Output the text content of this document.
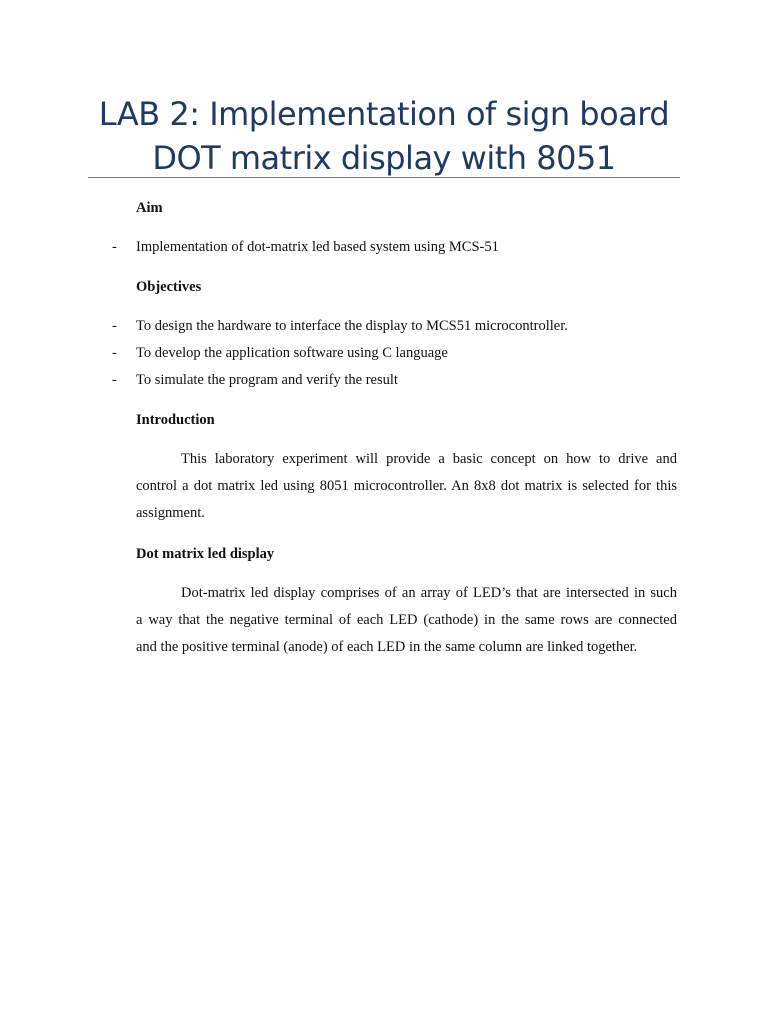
LAB 2: Implementation of sign board
DOT matrix display with 8051
Aim
- Implementation of dot-matrix led based system using MCS-51
Objectives
- To design the hardware to interface the display to MCS51 microcontroller.
- To develop the application software using C language
- To simulate the program and verify the result
Introduction
This laboratory experiment will provide a basic concept on how to drive and
control a dot matrix led using 8051 microcontroller. An 8x8 dot matrix is selected for this
assignment.
Dot matrix led display
Dot-matrix led display comprises of an array of LED’s that are intersected in such
a way that the negative terminal of each LED (cathode) in the same rows are connected
and the positive terminal (anode) of each LED in the same column are linked together.
